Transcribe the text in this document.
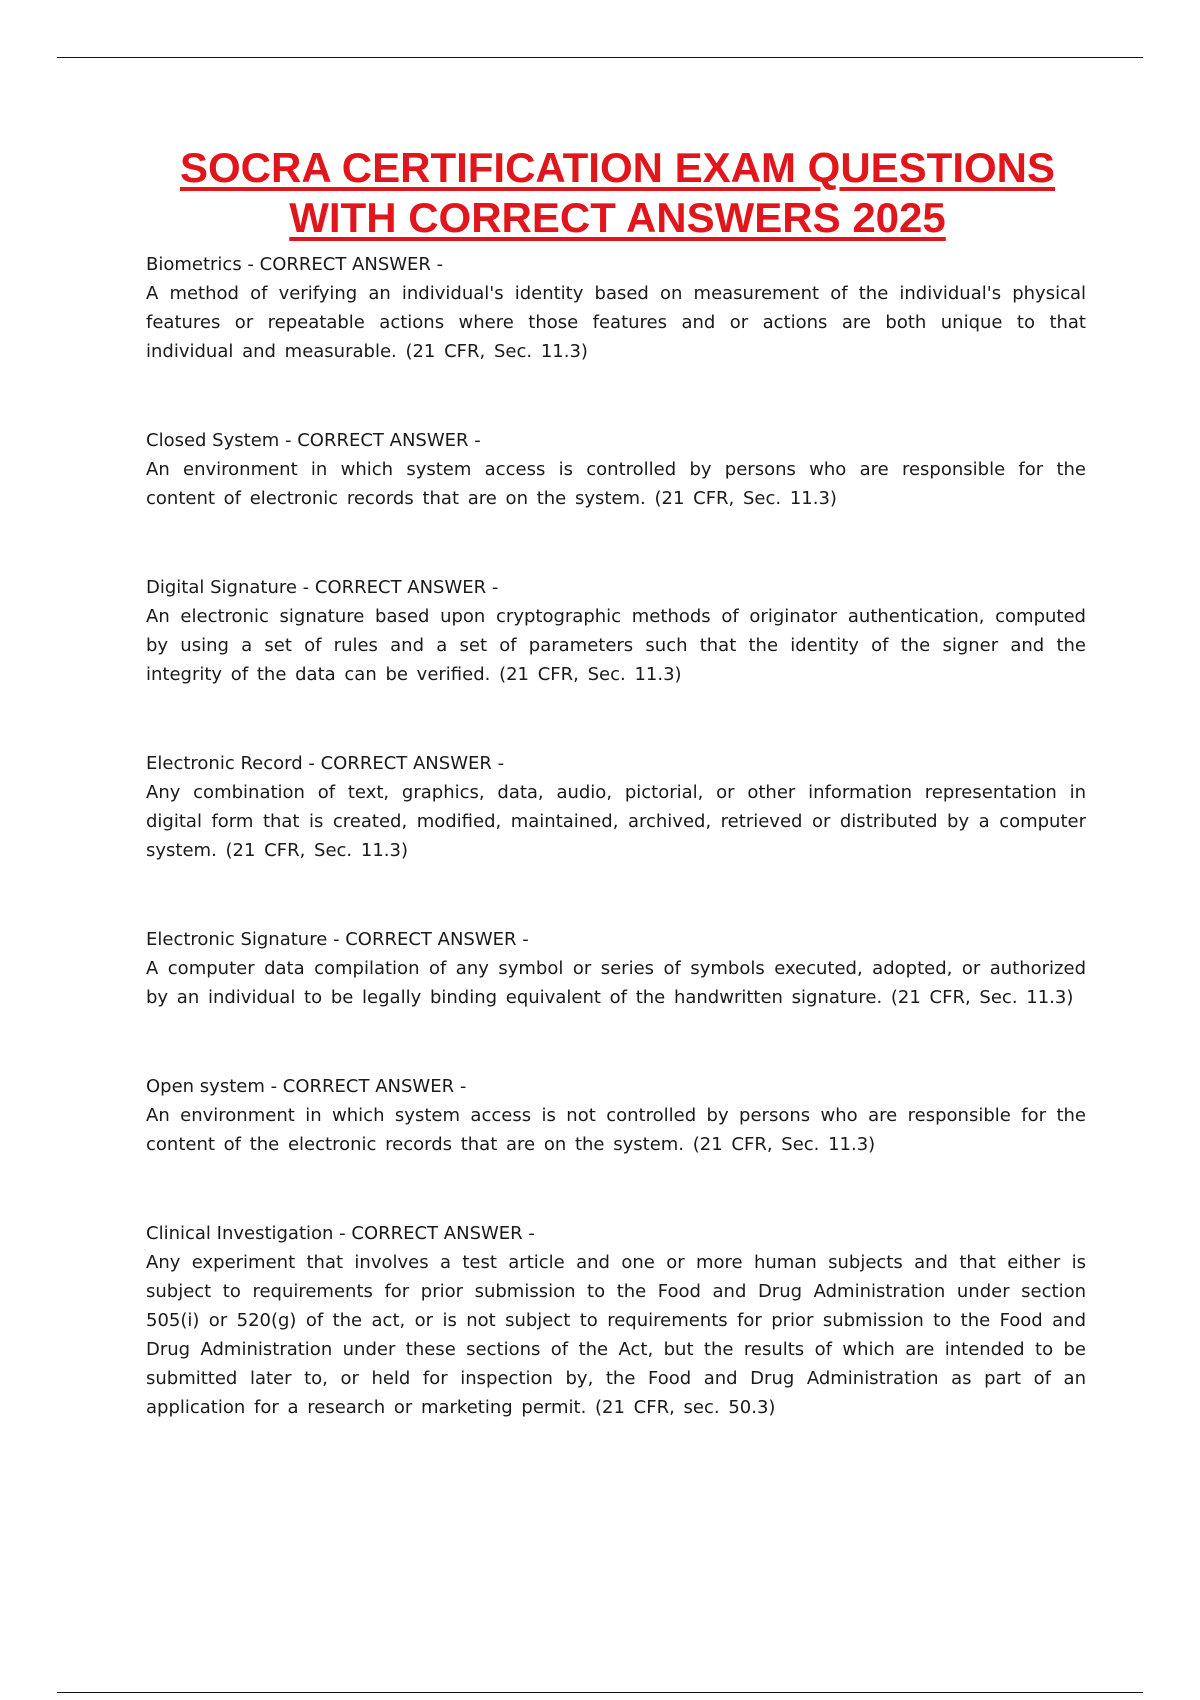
SOCRA CERTIFICATION EXAM QUESTIONS
WITH CORRECT ANSWERS 2025
Biometrics - CORRECT ANSWER -
A method of verifying an individual's identity based on measurement of the individual's physical features or repeatable actions where those features and or actions are both unique to that individual and measurable. (21 CFR, Sec. 11.3)
Closed System - CORRECT ANSWER -
An environment in which system access is controlled by persons who are responsible for the content of electronic records that are on the system. (21 CFR, Sec. 11.3)
Digital Signature - CORRECT ANSWER -
An electronic signature based upon cryptographic methods of originator authentication, computed by using a set of rules and a set of parameters such that the identity of the signer and the integrity of the data can be verified. (21 CFR, Sec. 11.3)
Electronic Record - CORRECT ANSWER -
Any combination of text, graphics, data, audio, pictorial, or other information representation in digital form that is created, modified, maintained, archived, retrieved or distributed by a computer system. (21 CFR, Sec. 11.3)
Electronic Signature - CORRECT ANSWER -
A computer data compilation of any symbol or series of symbols executed, adopted, or authorized by an individual to be legally binding equivalent of the handwritten signature. (21 CFR, Sec. 11.3)
Open system - CORRECT ANSWER -
An environment in which system access is not controlled by persons who are responsible for the content of the electronic records that are on the system. (21 CFR, Sec. 11.3)
Clinical Investigation - CORRECT ANSWER -
Any experiment that involves a test article and one or more human subjects and that either is subject to requirements for prior submission to the Food and Drug Administration under section 505(i) or 520(g) of the act, or is not subject to requirements for prior submission to the Food and Drug Administration under these sections of the Act, but the results of which are intended to be submitted later to, or held for inspection by, the Food and Drug Administration as part of an application for a research or marketing permit. (21 CFR, sec. 50.3)
